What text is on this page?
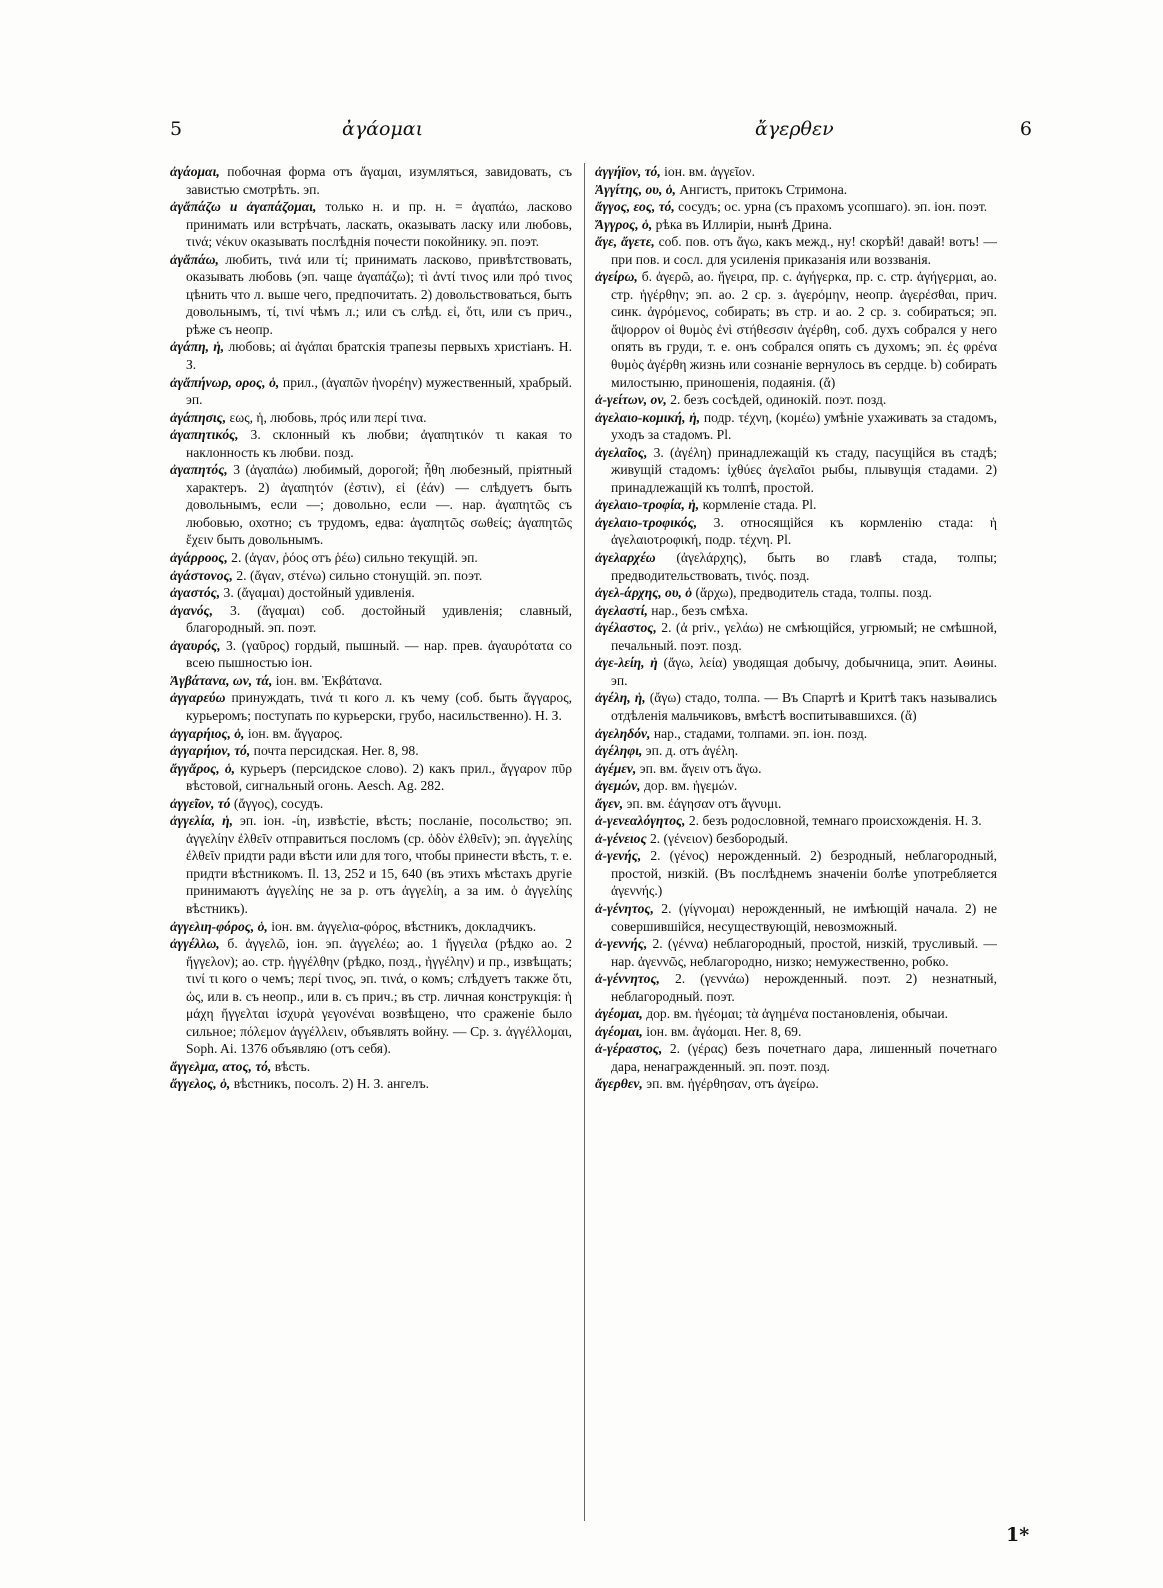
5	ἀγάομαι	ἄγερθεν	6
ἀγάομαι, побочная форма отъ ἄγαμαι, изумляться, завидовать, съ завистью смотрѣть. эп.
ἀγἄπάζω и ἀγαπάζομαι, только н. и пр. н. = ἀγαπάω, ласково принимать или встрѣчать, ласкать, оказывать ласку или любовь, τινά; νέκυν оказывать послѣднія почести покойнику. эп. поэт.
ἀγἄπάω, любить, τινά или τί; принимать ласково, привѣтствовать, оказывать любовь (эп. чаще ἀγαπάζω); τὶ ἀντί τινος или πρό τινος цѣнить что л. выше чего, предпочитать. 2) довольствоваться, быть довольнымъ, τί, τινί чѣмъ л.; или съ слѣд. εἰ, ὅτι, или съ прич., рѣже съ неопр.
ἀγάπη, ἡ, любовь; αἱ ἀγάπαι братскія трапезы первыхъ христіанъ. Н. З.
ἀγἄπήνωρ, ορος, ὁ, прил., (ἀγαπῶν ἠνορέην) мужественный, храбрый. эп.
ἀγάπησις, εως, ἡ, любовь, πρός или περί τινα.
ἀγαπητικός, 3. склонный къ любви; ἀγαπητικόν τι какая то наклонность къ любви. позд.
ἀγαπητός, 3 (ἀγαπάω) любимый, дорогой; ἦθη любезный, пріятный характеръ. 2) ἀγαπητόν (ἐστιν), εἰ (ἐάν) — слѣдуетъ быть довольнымъ, если —; довольно, если —. нар. ἀγαπητῶς съ любовью, охотно; съ трудомъ, едва: ἀγαπητῶς σωθείς; ἀγαπητῶς ἔχειν быть довольнымъ.
ἀγάρροος, 2. (ἀγαν, ῥόος отъ ῥέω) сильно текущій. эп.
ἀγάστονος, 2. (ἄγαν, στένω) сильно стонущій. эп. поэт.
ἀγαστός, 3. (ἄγαμαι) достойный удивленія.
ἀγανός, 3. (ἄγαμαι) соб. достойный удивленія; славный, благородный. эп. поэт.
ἀγαυρός, 3. (γαῦρος) гордый, пышный. — нар. прев. ἀγαυρότατα со всею пышностью іон.
Ἀγβάτανα, ων, τά, іон. вм. Ἐκβάτανα.
ἀγγαρεύω принуждать, τινά τι кого л. къ чему (соб. быть ἄγγαρος, курьеромъ; поступать по курьерски, грубо, насильственно). Н. З.
ἀγγαρήιος, ὁ, іон. вм. ἄγγαρος.
ἀγγαρήιον, τό, почта персидская. Her. 8, 98.
ἄγγἄρος, ὁ, курьеръ (персидское слово). 2) какъ прил., ἄγγαρον πῦρ вѣстовой, сигнальный огонь. Aesch. Ag. 282.
ἀγγεῖον, τό (ἄγγος), сосудъ.
ἀγγελία, ἡ, эп. іон. -ίη, извѣстіе, вѣсть; посланіе, посольство; эп. ἀγγελίην ἐλθεῖν отправиться посломъ (ср. ὁδὸν ἐλθεῖν); эп. ἀγγελίης ἐλθεῖν придти ради вѣсти или для того, чтобы принести вѣсть, т. е. придти вѣстникомъ. Il. 13, 252 и 15, 640 (въ этихъ мѣстахъ другіе принимаютъ ἀγγελίης не за р. отъ ἀγγελίη, а за им. ὁ ἀγγελίης вѣстникъ).
ἀγγελιη-φόρος, ὁ, іон. вм. ἀγγελια-φόρος, вѣстникъ, докладчикъ.
ἀγγέλλω, б. ἀγγελῶ, іон. эп. ἀγγελέω; ао. 1 ἤγγειλα (рѣдко ао. 2 ἤγγελον); ао. стр. ἠγγέλθην (рѣдко, позд., ἠγγέλην) и пр., извѣщать; τινί τι кого о чемъ; περί τινος, эп. τινά, о комъ; слѣдуетъ также ὅτι, ὡς, или в. съ неопр., или в. съ прич.; въ стр. личная конструкція: ἡ μάχη ἤγγελται ἰσχυρὰ γεγονέναι возвѣщено, что сраженіе было сильное; πόλεμον ἀγγέλλειν, объявлять войну. — Ср. з. ἀγγέλλομαι, Soph. Ai. 1376 объявляю (отъ себя).
ἄγγελμα, ατος, τό, вѣсть.
ἄγγελος, ὁ, вѣстникъ, посолъ. 2) Н. З. ангелъ.
ἀγγήϊον, τό, іон. вм. ἀγγεῖον.
Ἀγγίτης, ου, ὁ, Ангистъ, притокъ Стримона.
ἄγγος, εος, τό, сосудъ; ос. урна (съ прахомъ усопшаго). эп. іон. поэт.
Ἄγγρος, ὁ, рѣка въ Иллиріи, нынѣ Дрина.
ἄγε, ἄγετε, соб. пов. отъ ἄγω, какъ межд., ну! скорѣй! давай! вотъ! — при пов. и сосл. для усиленія приказанія или воззванія.
ἀγείρω, б. ἀγερῶ, ао. ἤγειρα, пр. с. ἀγήγερκα, пр. с. стр. ἀγήγερμαι, ао. стр. ἠγέρθην; эп. ао. 2 ср. з. ἀγερόμην, неопр. ἀγερέσθαι, прич. синк. ἀγρόμενος, собирать; въ стр. и ао. 2 ср. з. собираться; эп. ἄψορρον οἱ θυμὸς ἐνὶ στήθεσσιν ἀγέρθη, соб. духъ собрался у него опять въ груди, т. е. онъ собрался опять съ духомъ; эп. ἐς φρένα θυμὸς ἀγέρθη жизнь или сознаніе вернулось въ сердце. b) собирать милостыню, приношенія, подаянія. (ἄ)
ἀ-γείτων, ον, 2. безъ сосѣдей, одинокій. поэт. позд.
ἀγελαιο-κομική, ἡ, подр. τέχνη, (κομέω) умѣніе ухаживать за стадомъ, уходъ за стадомъ. Pl.
ἀγελαῖος, 3. (ἀγέλη) принадлежащій къ стаду, пасущійся въ стадѣ; живущій стадомъ: ἰχθύες ἀγελαῖοι рыбы, плывущія стадами. 2) принадлежащій къ толпѣ, простой.
ἀγελαιο-τροφία, ἡ, кормленіе стада. Pl.
ἀγελαιο-τροφικός, 3. относящійся къ кормленію стада: ἡ ἀγελαιοτροφική, подр. τέχνη. Pl.
ἀγελαρχέω (ἀγελάρχης), быть во главѣ стада, толпы; предводительствовать, τινός. позд.
ἀγελ-άρχης, ου, ὁ (ἄρχω), предводитель стада, толпы. позд.
ἀγελαστί, нар., безъ смѣха.
ἀγέλαστος, 2. (ἀ priv., γελάω) не смѣющійся, угрюмый; не смѣшной, печальный. поэт. позд.
ἀγε-λείη, ἡ (ἄγω, λεία) уводящая добычу, добычница, эпит. Аѳины. эп.
ἀγέλη, ἡ, (ἄγω) стадо, толпа. — Въ Спартѣ и Критѣ такъ назывались отдѣленія мальчиковъ, вмѣстѣ воспитывавшихся. (ἄ)
ἀγεληδόν, нар., стадами, толпами. эп. іон. позд.
ἀγέληφι, эп. д. отъ ἀγέλη.
ἀγέμεν, эп. вм. ἄγειν отъ ἄγω.
ἀγεμών, дор. вм. ἡγεμών.
ἄγεν, эп. вм. ἐάγησαν отъ ἄγνυμι.
ἀ-γενεαλόγητος, 2. безъ родословной, темнаго происхожденія. Н. З.
ἀ-γένειος 2. (γένειον) безбородый.
ἀ-γενής, 2. (γένος) нерожденный. 2) безродный, неблагородный, простой, низкій. (Въ послѣднемъ значеніи болѣе употребляется ἀγεννής.)
ἀ-γένητος, 2. (γίγνομαι) нерожденный, не имѣющій начала. 2) не совершившійся, несуществующій, невозможный.
ἀ-γεννής, 2. (γέννα) неблагородный, простой, низкій, трусливый. — нар. ἀγεννῶς, неблагородно, низко; немужественно, робко.
ἀ-γέννητος, 2. (γεννάω) нерожденный. поэт. 2) незнатный, неблагородный. поэт.
ἀγέομαι, дор. вм. ἡγέομαι; τὰ ἀγημένα постановленія, обычаи.
ἀγέομαι, іон. вм. ἀγάομαι. Her. 8, 69.
ἀ-γέραστος, 2. (γέρας) безъ почетнаго дара, лишенный почетнаго дара, ненагражденный. эп. поэт. позд.
ἄγερθεν, эп. вм. ἠγέρθησαν, отъ ἀγείρω.
1*
